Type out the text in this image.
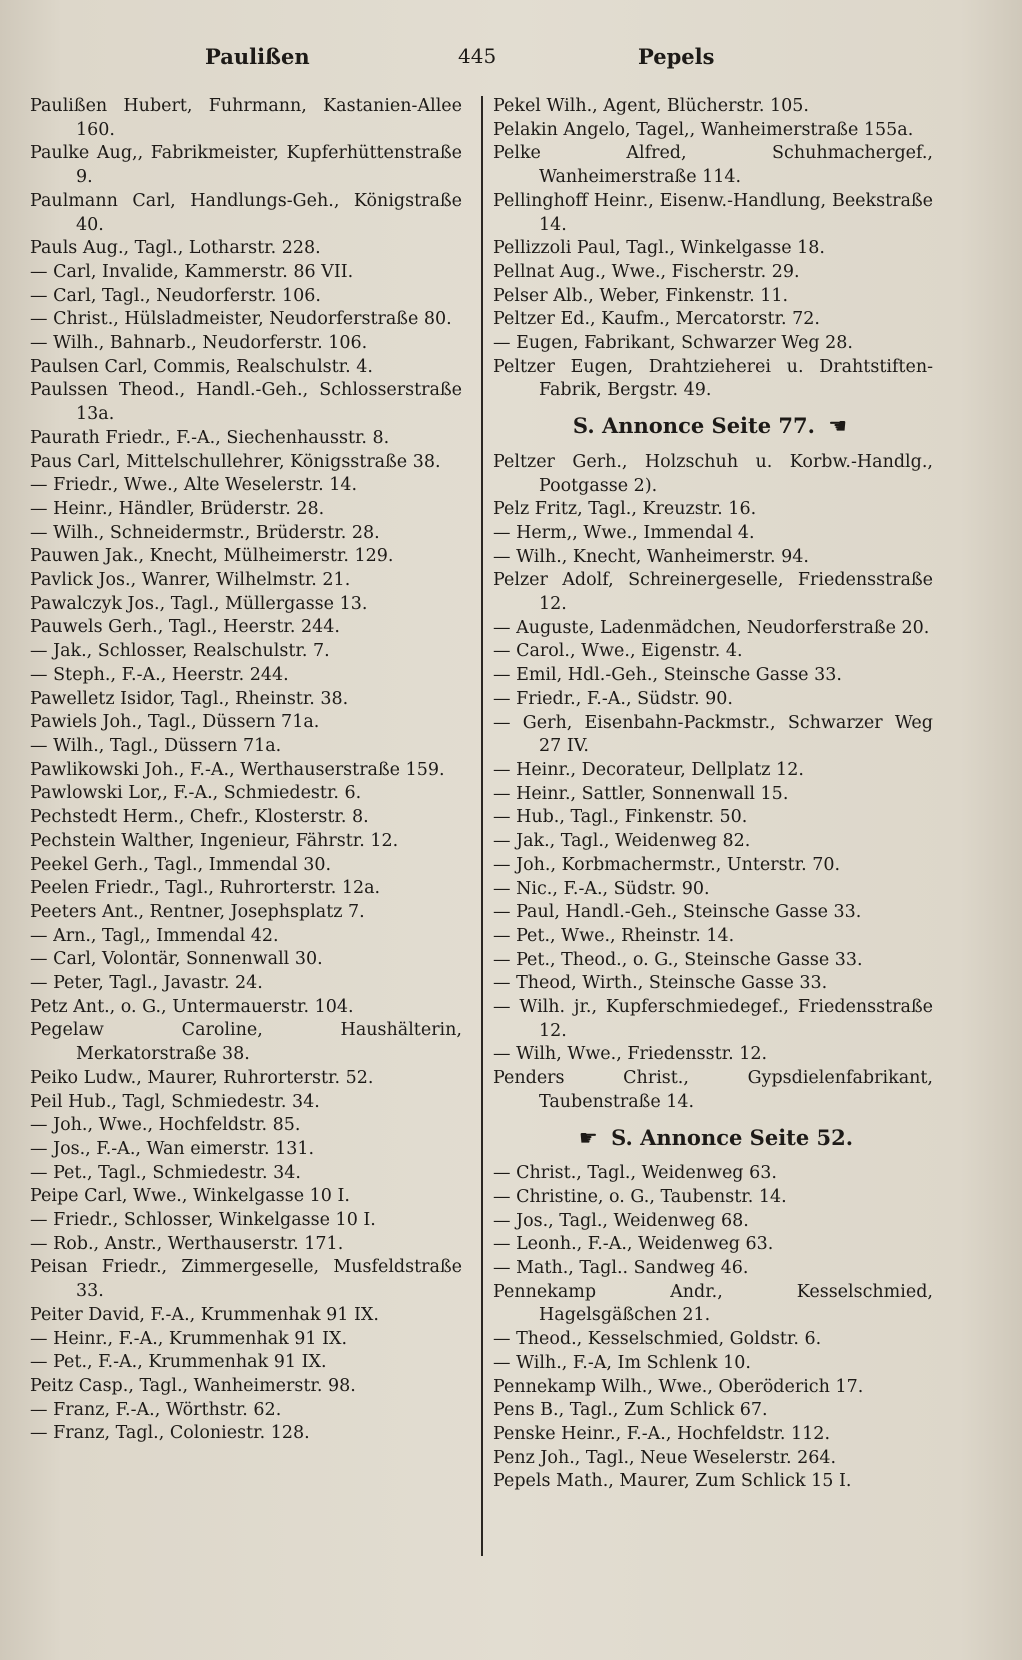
Paulißen	445	Pepels

Paulißen Hubert, Fuhrmann, Kastanien-Allee 160.

Paulke Aug,, Fabrikmeister, Kupferhüttenstraße 9.

Paulmann Carl, Handlungs-Geh., Königstraße 40.

Pauls Aug., Tagl., Lotharstr. 228.

— Carl, Invalide, Kammerstr. 86 VII.

— Carl, Tagl., Neudorferstr. 106.

— Christ., Hülsladmeister, Neudorferstraße 80.

— Wilh., Bahnarb., Neudorferstr. 106.

Paulsen Carl, Commis, Realschulstr. 4.

Paulssen Theod., Handl.-Geh., Schlosserstraße 13a.

Paurath Friedr., F.-A., Siechenhausstr. 8.

Paus Carl, Mittelschullehrer, Königsstraße 38.

— Friedr., Wwe., Alte Weselerstr. 14.

— Heinr., Händler, Brüderstr. 28.

— Wilh., Schneidermstr., Brüderstr. 28.

Pauwen Jak., Knecht, Mülheimerstr. 129.

Pavlick Jos., Wanrer, Wilhelmstr. 21.

Pawalczyk Jos., Tagl., Müllergasse 13.

Pauwels Gerh., Tagl., Heerstr. 244.

— Jak., Schlosser, Realschulstr. 7.

— Steph., F.-A., Heerstr. 244.

Pawelletz Isidor, Tagl., Rheinstr. 38.

Pawiels Joh., Tagl., Düssern 71a.

— Wilh., Tagl., Düssern 71a.

Pawlikowski Joh., F.-A., Werthauserstraße 159.

Pawlowski Lor,, F.-A., Schmiedestr. 6.

Pechstedt Herm., Chefr., Klosterstr. 8.

Pechstein Walther, Ingenieur, Fährstr. 12.

Peekel Gerh., Tagl., Immendal 30.

Peelen Friedr., Tagl., Ruhrorterstr. 12a.

Peeters Ant., Rentner, Josephsplatz 7.

— Arn., Tagl,, Immendal 42.

— Carl, Volontär, Sonnenwall 30.

— Peter, Tagl., Javastr. 24.

Petz Ant., o. G., Untermauerstr. 104.

Pegelaw Caroline, Haushälterin, Merkatorstraße 38.

Peiko Ludw., Maurer, Ruhrorterstr. 52.

Peil Hub., Tagl, Schmiedestr. 34.

— Joh., Wwe., Hochfeldstr. 85.

— Jos., F.-A., Wan eimerstr. 131.

— Pet., Tagl., Schmiedestr. 34.

Peipe Carl, Wwe., Winkelgasse 10 I.

— Friedr., Schlosser, Winkelgasse 10 I.

— Rob., Anstr., Werthauserstr. 171.

Peisan Friedr., Zimmergeselle, Musfeldstraße 33.

Peiter David, F.-A., Krummenhak 91 IX.

— Heinr., F.-A., Krummenhak 91 IX.

— Pet., F.-A., Krummenhak 91 IX.

Peitz Casp., Tagl., Wanheimerstr. 98.

— Franz, F.-A., Wörthstr. 62.

— Franz, Tagl., Coloniestr. 128.

Pekel Wilh., Agent, Blücherstr. 105.

Pelakin Angelo, Tagel,, Wanheimerstraße 155a.

Pelke Alfred, Schuhmachergef., Wanheimerstraße 114.

Pellinghoff Heinr., Eisenw.-Handlung, Beekstraße 14.

Pellizzoli Paul, Tagl., Winkelgasse 18.

Pellnat Aug., Wwe., Fischerstr. 29.

Pelser Alb., Weber, Finkenstr. 11.

Peltzer Ed., Kaufm., Mercatorstr. 72.

— Eugen, Fabrikant, Schwarzer Weg 28.

Peltzer Eugen, Drahtzieherei u. Drahtstiften-Fabrik, Bergstr. 49.

S. Annonce Seite 77. ☚

Peltzer Gerh., Holzschuh u. Korbw.-Handlg., Pootgasse 2).

Pelz Fritz, Tagl., Kreuzstr. 16.

— Herm,, Wwe., Immendal 4.

— Wilh., Knecht, Wanheimerstr. 94.

Pelzer Adolf, Schreinergeselle, Friedensstraße 12.

— Auguste, Ladenmädchen, Neudorferstraße 20.

— Carol., Wwe., Eigenstr. 4.

— Emil, Hdl.-Geh., Steinsche Gasse 33.

— Friedr., F.-A., Südstr. 90.

— Gerh, Eisenbahn-Packmstr., Schwarzer Weg 27 IV.

— Heinr., Decorateur, Dellplatz 12.

— Heinr., Sattler, Sonnenwall 15.

— Hub., Tagl., Finkenstr. 50.

— Jak., Tagl., Weidenweg 82.

— Joh., Korbmachermstr., Unterstr. 70.

— Nic., F.-A., Südstr. 90.

— Paul, Handl.-Geh., Steinsche Gasse 33.

— Pet., Wwe., Rheinstr. 14.

— Pet., Theod., o. G., Steinsche Gasse 33.

— Theod, Wirth., Steinsche Gasse 33.

— Wilh. jr., Kupferschmiedegef., Friedensstraße 12.

— Wilh, Wwe., Friedensstr. 12.

Penders Christ., Gypsdielenfabrikant, Taubenstraße 14.

☛ S. Annonce Seite 52.

— Christ., Tagl., Weidenweg 63.

— Christine, o. G., Taubenstr. 14.

— Jos., Tagl., Weidenweg 68.

— Leonh., F.-A., Weidenweg 63.

— Math., Tagl.. Sandweg 46.

Pennekamp Andr., Kesselschmied, Hagelsgäßchen 21.

— Theod., Kesselschmied, Goldstr. 6.

— Wilh., F.-A, Im Schlenk 10.

Pennekamp Wilh., Wwe., Oberöderich 17.

Pens B., Tagl., Zum Schlick 67.

Penske Heinr., F.-A., Hochfeldstr. 112.

Penz Joh., Tagl., Neue Weselerstr. 264.

Pepels Math., Maurer, Zum Schlick 15 I.
